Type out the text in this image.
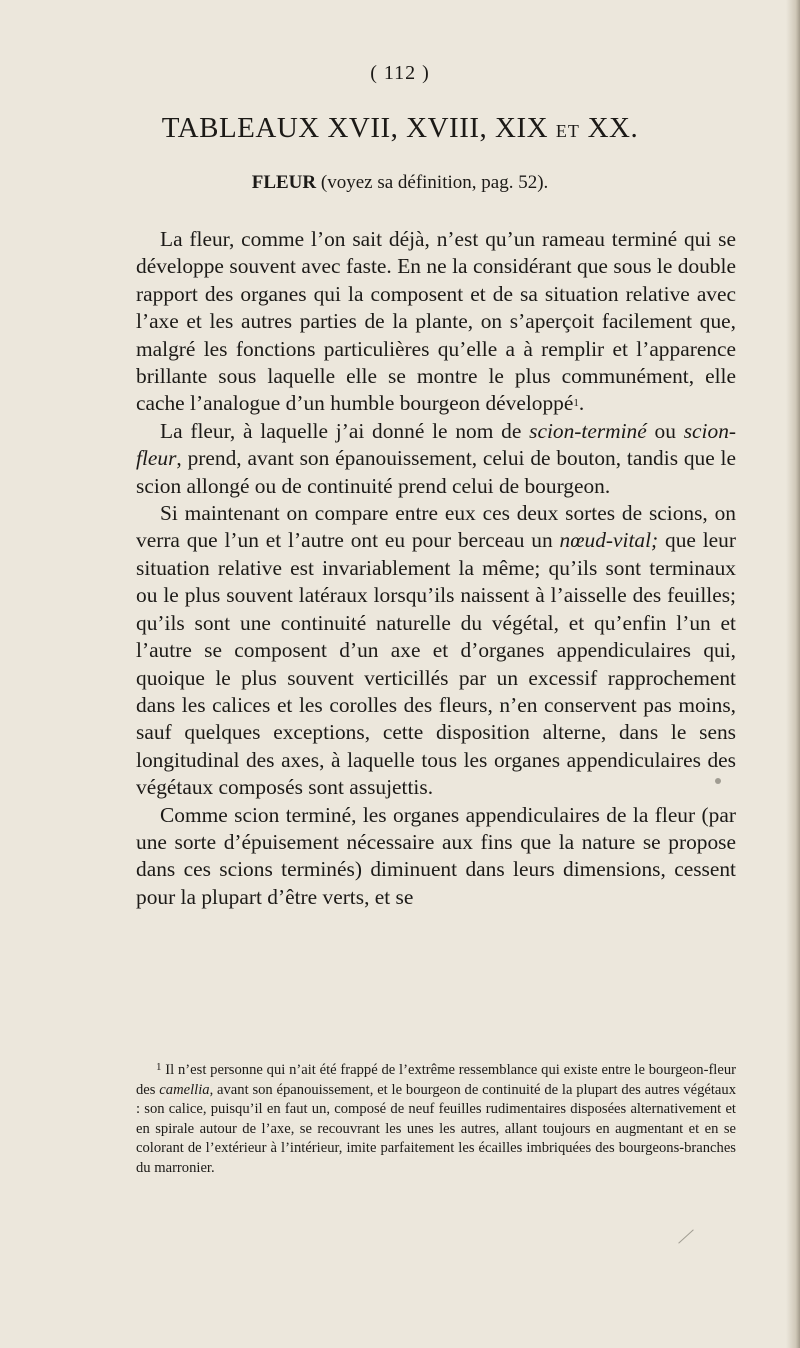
( 112 )
TABLEAUX XVII, XVIII, XIX ET XX.
FLEUR (voyez sa définition, pag. 52).

La fleur, comme l’on sait déjà, n’est qu’un rameau terminé qui se développe souvent avec faste. En ne la considérant que sous le double rapport des organes qui la composent et de sa situation relative avec l’axe et les autres parties de la plante, on s’aperçoit facilement que, malgré les fonctions particulières qu’elle a à remplir et l’apparence brillante sous laquelle elle se montre le plus communément, elle cache l’analogue d’un humble bourgeon développé$^1$.

La fleur, à laquelle j’ai donné le nom de scion-terminé ou scion-fleur, prend, avant son épanouissement, celui de bouton, tandis que le scion allongé ou de continuité prend celui de bourgeon.

Si maintenant on compare entre eux ces deux sortes de scions, on verra que l’un et l’autre ont eu pour berceau un nœud-vital; que leur situation relative est invariablement la même; qu’ils sont terminaux ou le plus souvent latéraux lorsqu’ils naissent à l’aisselle des feuilles; qu’ils sont une continuité naturelle du végétal, et qu’enfin l’un et l’autre se composent d’un axe et d’organes appendiculaires qui, quoique le plus souvent verticillés par un excessif rapprochement dans les calices et les corolles des fleurs, n’en conservent pas moins, sauf quelques exceptions, cette disposition alterne, dans le sens longitudinal des axes, à laquelle tous les organes appendiculaires des végétaux composés sont assujettis.

Comme scion terminé, les organes appendiculaires de la fleur (par une sorte d’épuisement nécessaire aux fins que la nature se propose dans ces scions terminés) diminuent dans leurs dimensions, cessent pour la plupart d’être verts, et se

$^1$ Il n’est personne qui n’ait été frappé de l’extrême ressemblance qui existe entre le bourgeon-fleur des camellia, avant son épanouissement, et le bourgeon de continuité de la plupart des autres végétaux : son calice, puisqu’il en faut un, composé de neuf feuilles rudimentaires disposées alternativement et en spirale autour de l’axe, se recouvrant les unes les autres, allant toujours en augmentant et en se colorant de l’extérieur à l’intérieur, imite parfaitement les écailles imbriquées des bourgeons-branches du marronier.
